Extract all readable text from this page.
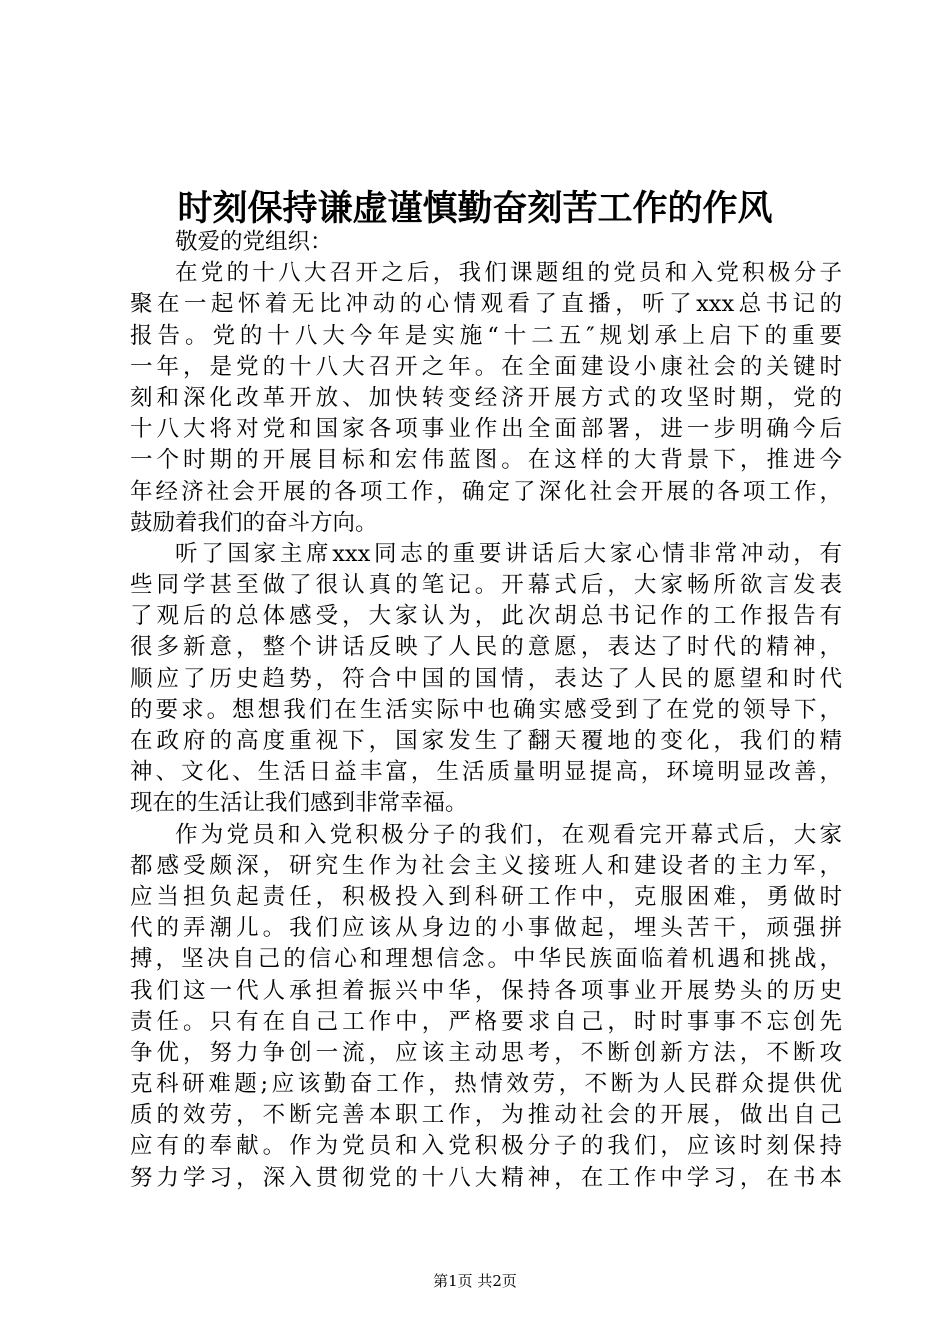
时刻保持谦虚谨慎勤奋刻苦工作的作风
敬爱的党组织：
在党的十八大召开之后，我们课题组的党员和入党积极分子
聚在一起怀着无比冲动的心情观看了直播，听了xxx总书记的
报告。党的十八大今年是实施“十二五″规划承上启下的重要
一年，是党的十八大召开之年。在全面建设小康社会的关键时
刻和深化改革开放、加快转变经济开展方式的攻坚时期，党的
十八大将对党和国家各项事业作出全面部署，进一步明确今后
一个时期的开展目标和宏伟蓝图。在这样的大背景下，推进今
年经济社会开展的各项工作，确定了深化社会开展的各项工作，
鼓励着我们的奋斗方向。
听了国家主席xxx同志的重要讲话后大家心情非常冲动，有
些同学甚至做了很认真的笔记。开幕式后，大家畅所欲言发表
了观后的总体感受，大家认为，此次胡总书记作的工作报告有
很多新意，整个讲话反映了人民的意愿，表达了时代的精神，
顺应了历史趋势，符合中国的国情，表达了人民的愿望和时代
的要求。想想我们在生活实际中也确实感受到了在党的领导下，
在政府的高度重视下，国家发生了翻天覆地的变化，我们的精
神、文化、生活日益丰富，生活质量明显提高，环境明显改善，
现在的生活让我们感到非常幸福。
作为党员和入党积极分子的我们，在观看完开幕式后，大家
都感受颇深，研究生作为社会主义接班人和建设者的主力军，
应当担负起责任，积极投入到科研工作中，克服困难，勇做时
代的弄潮儿。我们应该从身边的小事做起，埋头苦干，顽强拼
搏，坚决自己的信心和理想信念。中华民族面临着机遇和挑战，
我们这一代人承担着振兴中华，保持各项事业开展势头的历史
责任。只有在自己工作中，严格要求自己，时时事事不忘创先
争优，努力争创一流，应该主动思考，不断创新方法，不断攻
克科研难题;应该勤奋工作，热情效劳，不断为人民群众提供优
质的效劳，不断完善本职工作，为推动社会的开展，做出自己
应有的奉献。作为党员和入党积极分子的我们，应该时刻保持
努力学习，深入贯彻党的十八大精神，在工作中学习，在书本
第1页 共2页
